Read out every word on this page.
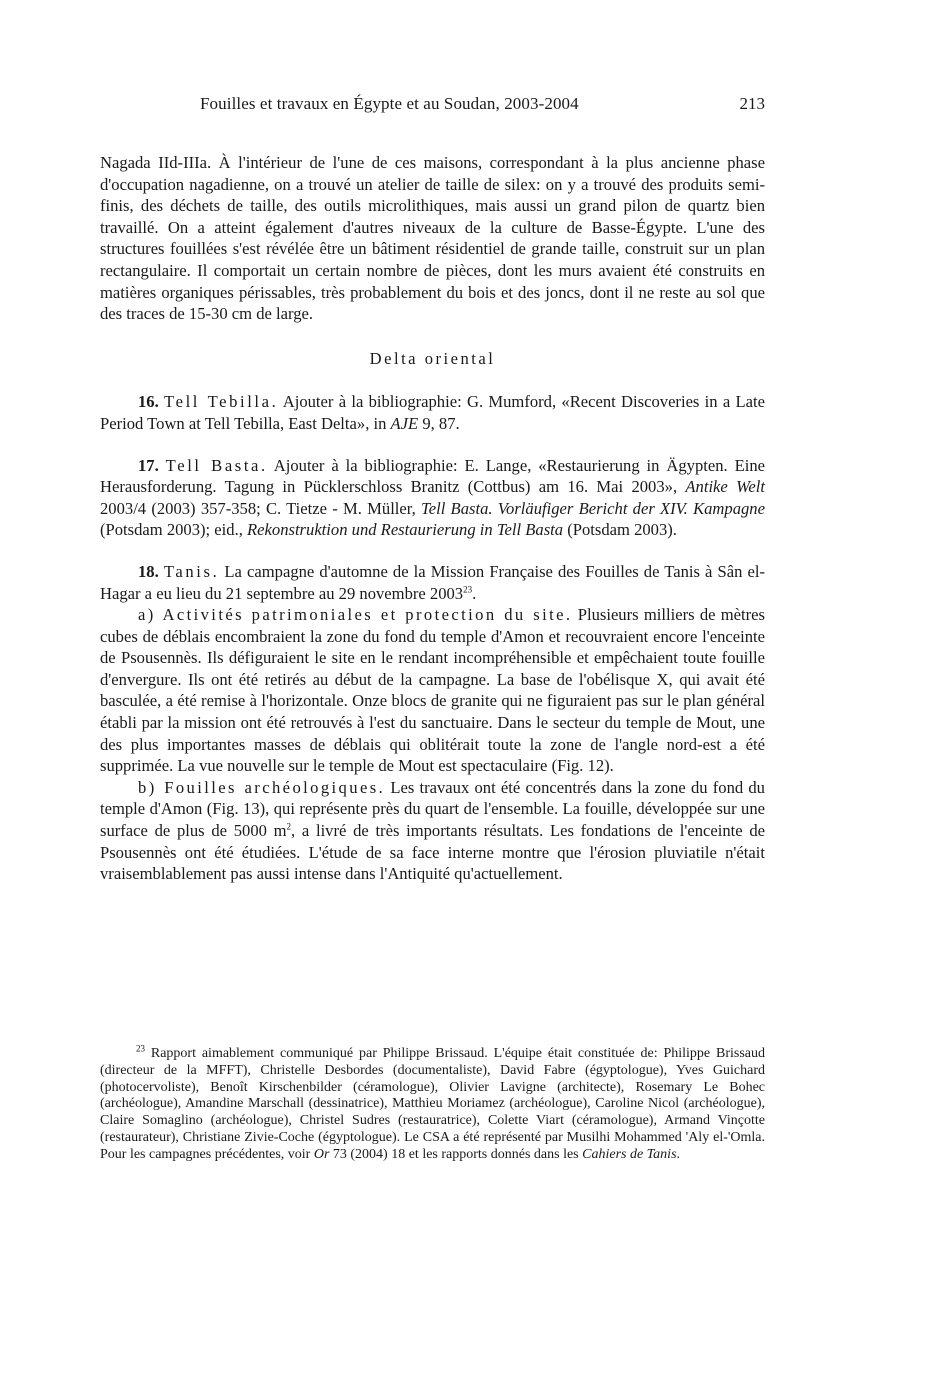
Fouilles et travaux en Égypte et au Soudan, 2003-2004	213

Nagada IId-IIIa. À l'intérieur de l'une de ces maisons, correspondant à la plus ancienne phase d'occupation nagadienne, on a trouvé un atelier de taille de silex: on y a trouvé des produits semi-finis, des déchets de taille, des outils microlithiques, mais aussi un grand pilon de quartz bien travaillé. On a atteint également d'autres niveaux de la culture de Basse-Égypte. L'une des structures fouillées s'est révélée être un bâtiment résidentiel de grande taille, construit sur un plan rectangulaire. Il comportait un certain nombre de pièces, dont les murs avaient été construits en matières organiques périssables, très probablement du bois et des joncs, dont il ne reste au sol que des traces de 15-30 cm de large.

Delta oriental

16. Tell Tebilla. Ajouter à la bibliographie: G. Mumford, «Recent Discoveries in a Late Period Town at Tell Tebilla, East Delta», in AJE 9, 87.

17. Tell Basta. Ajouter à la bibliographie: E. Lange, «Restaurierung in Ägypten. Eine Herausforderung. Tagung in Pücklerschloss Branitz (Cottbus) am 16. Mai 2003», Antike Welt 2003/4 (2003) 357-358; C. Tietze - M. Müller, Tell Basta. Vorläufiger Bericht der XIV. Kampagne (Potsdam 2003); eid., Rekonstruktion und Restaurierung in Tell Basta (Potsdam 2003).

18. Tanis. La campagne d'automne de la Mission Française des Fouilles de Tanis à Sân el-Hagar a eu lieu du 21 septembre au 29 novembre 2003$^{23}$.

a) Activités patrimoniales et protection du site. Plusieurs milliers de mètres cubes de déblais encombraient la zone du fond du temple d'Amon et recouvraient encore l'enceinte de Psousennès. Ils défiguraient le site en le rendant incompréhensible et empêchaient toute fouille d'envergure. Ils ont été retirés au début de la campagne. La base de l'obélisque X, qui avait été basculée, a été remise à l'horizontale. Onze blocs de granite qui ne figuraient pas sur le plan général établi par la mission ont été retrouvés à l'est du sanctuaire. Dans le secteur du temple de Mout, une des plus importantes masses de déblais qui oblitérait toute la zone de l'angle nord-est a été supprimée. La vue nouvelle sur le temple de Mout est spectaculaire (Fig. 12).

b) Fouilles archéologiques. Les travaux ont été concentrés dans la zone du fond du temple d'Amon (Fig. 13), qui représente près du quart de l'ensemble. La fouille, développée sur une surface de plus de 5000 $m^2$, a livré de très importants résultats. Les fondations de l'enceinte de Psousennès ont été étudiées. L'étude de sa face interne montre que l'érosion pluviatile n'était vraisemblablement pas aussi intense dans l'Antiquité qu'actuellement.

$^{23}$ Rapport aimablement communiqué par Philippe Brissaud. L'équipe était constituée de: Philippe Brissaud (directeur de la MFFT), Christelle Desbordes (documentaliste), David Fabre (égyptologue), Yves Guichard (photocervoliste), Benoît Kirschenbilder (céramologue), Olivier Lavigne (architecte), Rosemary Le Bohec (archéologue), Amandine Marschall (dessinatrice), Matthieu Moriamez (archéologue), Caroline Nicol (archéologue), Claire Somaglino (archéologue), Christel Sudres (restauratrice), Colette Viart (céramologue), Armand Vinçotte (restaurateur), Christiane Zivie-Coche (égyptologue). Le CSA a été représenté par Musilhi Mohammed 'Aly el-'Omla. Pour les campagnes précédentes, voir Or 73 (2004) 18 et les rapports donnés dans les Cahiers de Tanis.
